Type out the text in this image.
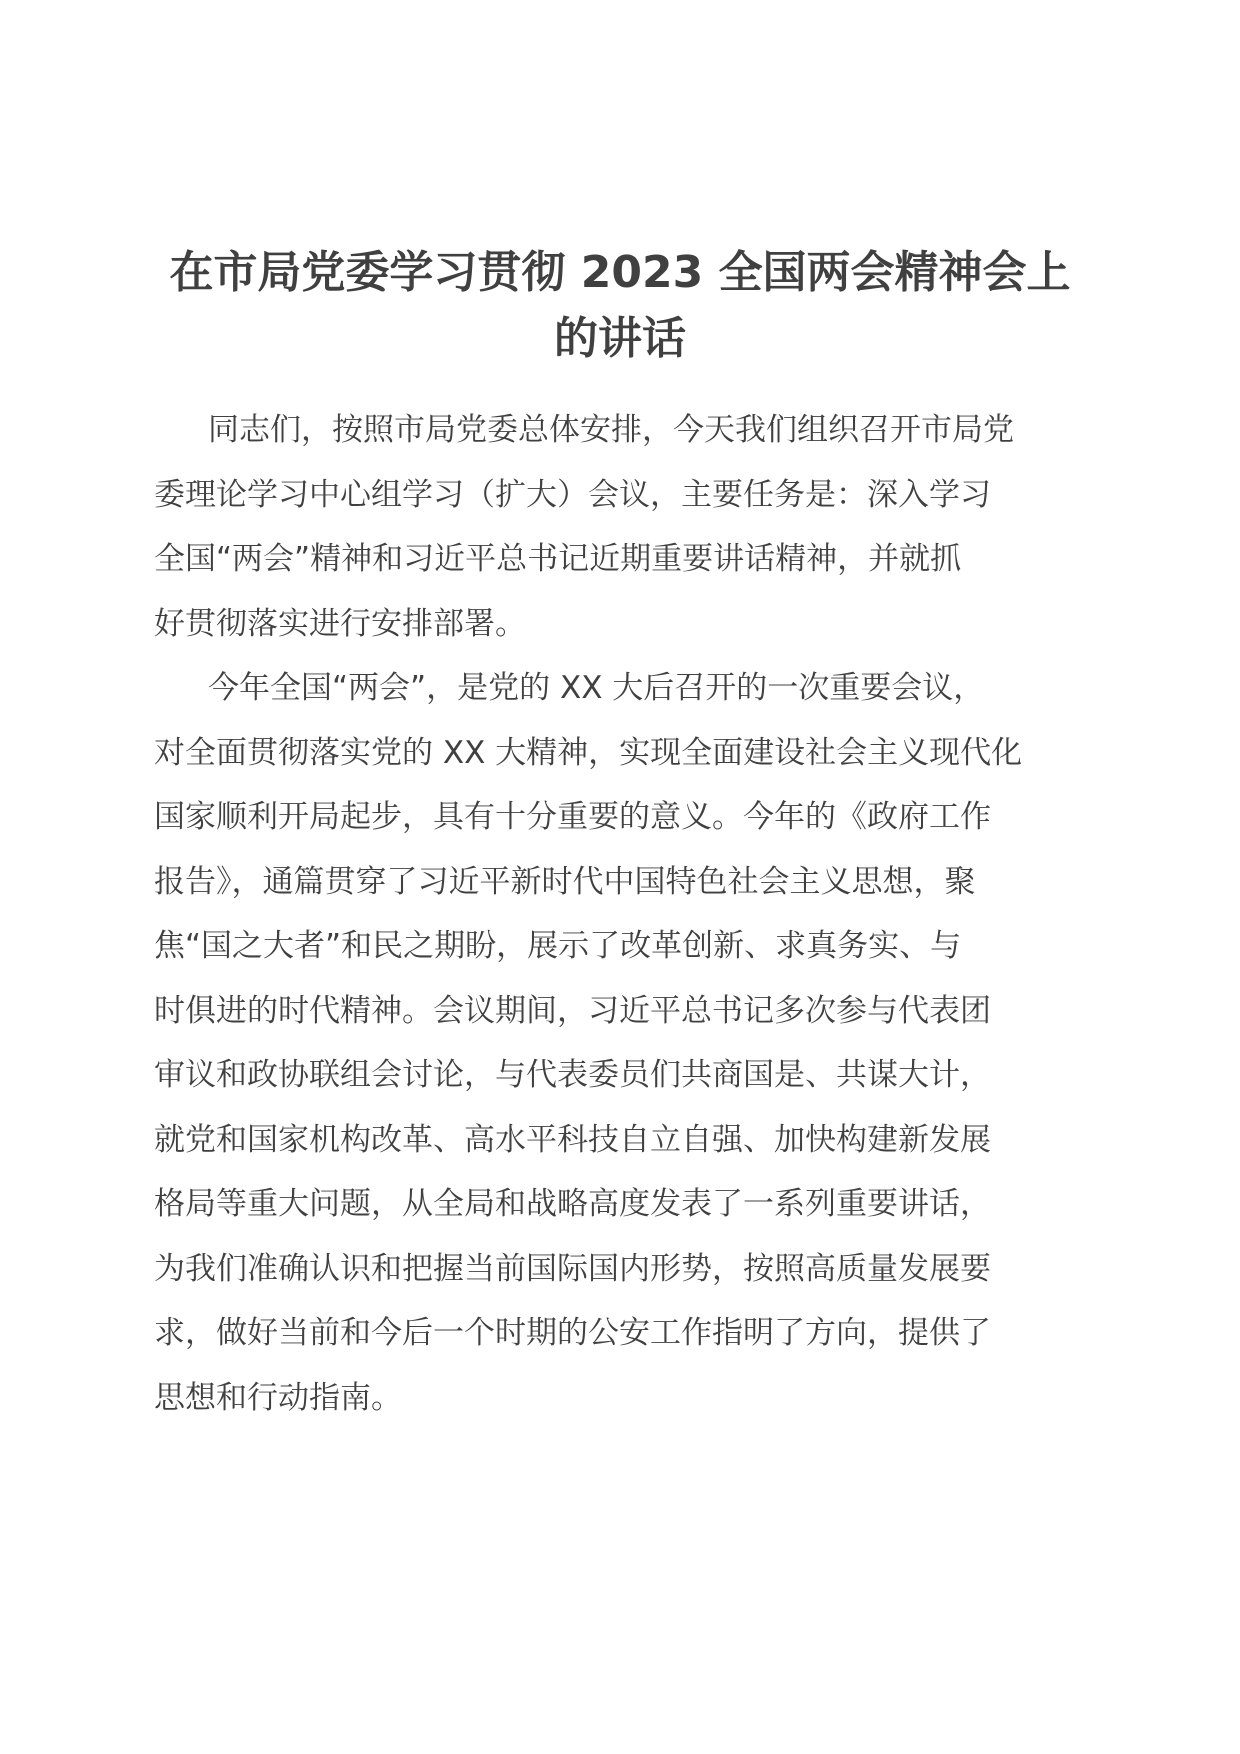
在市局党委学习贯彻 2023 全国两会精神会上
的讲话

同志们，按照市局党委总体安排，今天我们组织召开市局党
委理论学习中心组学习（扩大）会议，主要任务是：深入学习
全国“两会”精神和习近平总书记近期重要讲话精神，并就抓
好贯彻落实进行安排部署。

今年全国“两会”，是党的 XX 大后召开的一次重要会议，
对全面贯彻落实党的 XX 大精神，实现全面建设社会主义现代化
国家顺利开局起步，具有十分重要的意义。今年的《政府工作
报告》，通篇贯穿了习近平新时代中国特色社会主义思想，聚
焦“国之大者”和民之期盼，展示了改革创新、求真务实、与
时俱进的时代精神。会议期间，习近平总书记多次参与代表团
审议和政协联组会讨论，与代表委员们共商国是、共谋大计，
就党和国家机构改革、高水平科技自立自强、加快构建新发展
格局等重大问题，从全局和战略高度发表了一系列重要讲话，
为我们准确认识和把握当前国际国内形势，按照高质量发展要
求，做好当前和今后一个时期的公安工作指明了方向，提供了
思想和行动指南。
